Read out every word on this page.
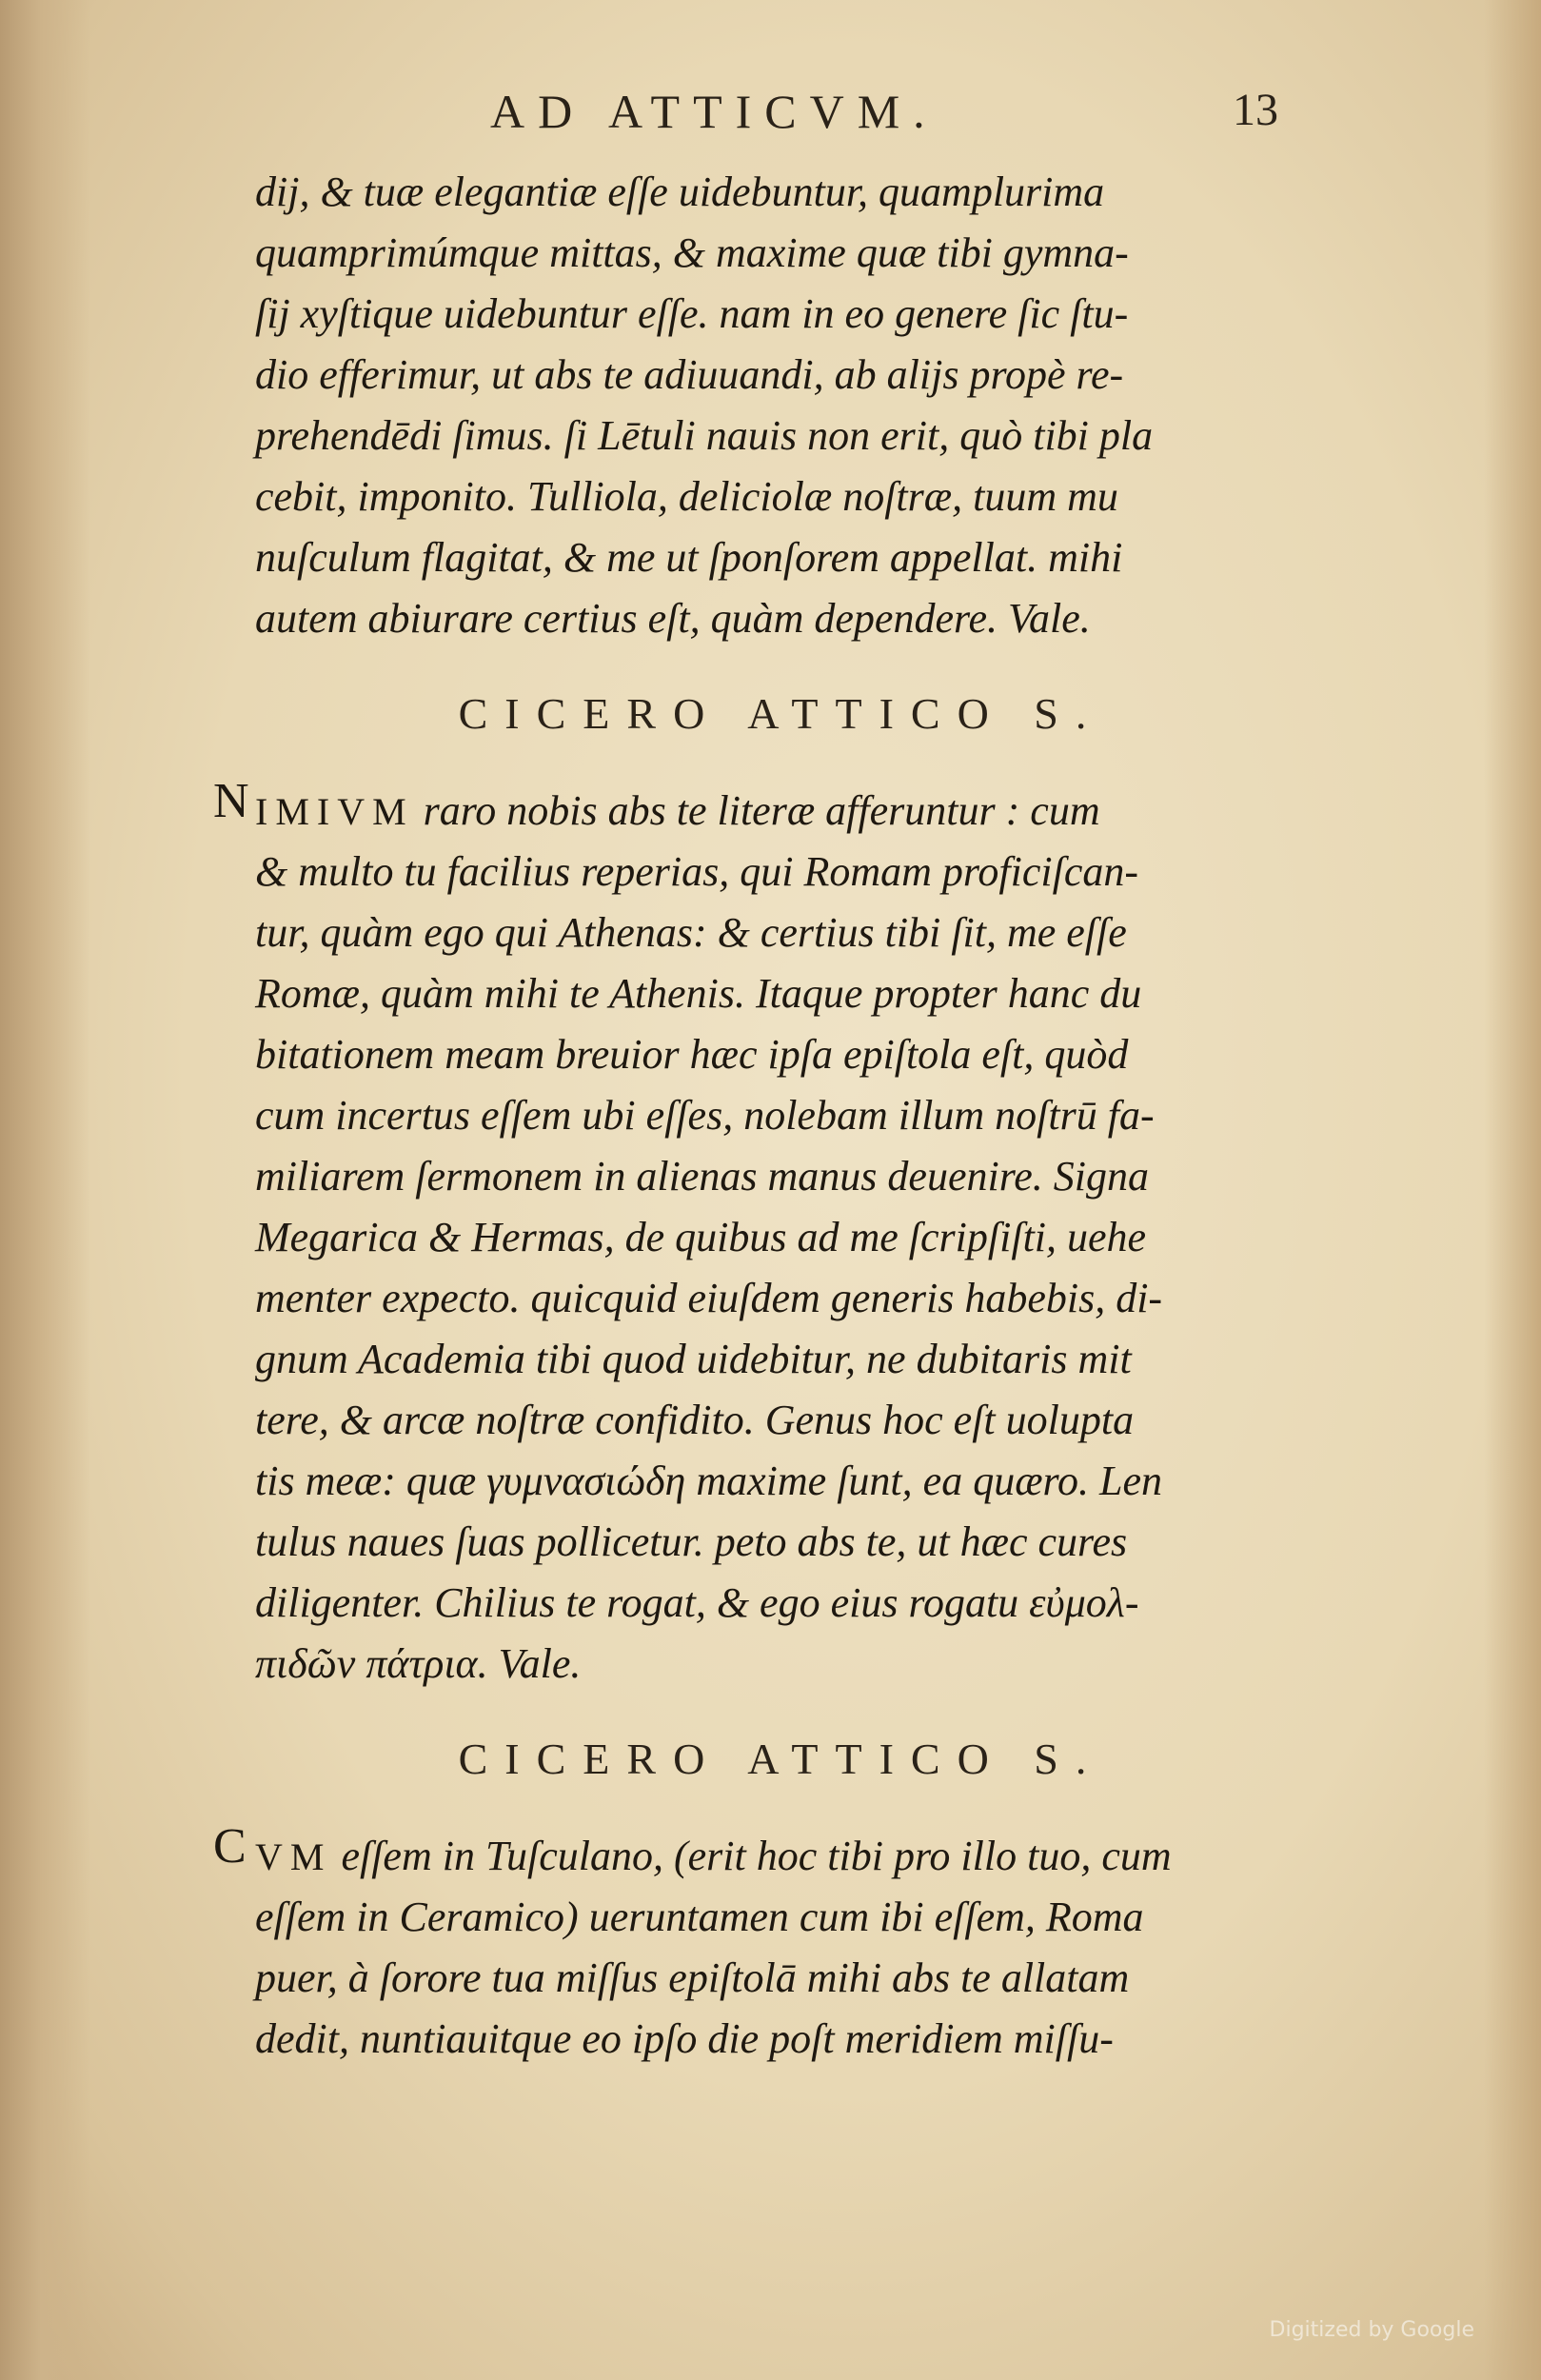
AD ATTICVM.	13
dij, & tuæ elegantiæ eſſe uidebuntur, quamplurima
quamprimúmque mittas, & maxime quæ tibi gymna-
ſij xyſtique uidebuntur eſſe. nam in eo genere ſic ſtu-
dio efferimur, ut abs te adiuuandi, ab alijs propè re-
prehendēdi ſimus. ſi Lētuli nauis non erit, quò tibi pla
cebit, imponito. Tulliola, deliciolæ noſtræ, tuum mu
nuſculum flagitat, & me ut ſponſorem appellat. mihi
autem abiurare certius eſt, quàm dependere. Vale.
CICERO ATTICO S.
N IMIVM raro nobis abs te literæ afferuntur : cum
& multo tu facilius reperias, qui Romam proficiſcan-
tur, quàm ego qui Athenas: & certius tibi ſit, me eſſe
Romæ, quàm mihi te Athenis. Itaque propter hanc du
bitationem meam breuior hæc ipſa epiſtola eſt, quòd
cum incertus eſſem ubi eſſes, nolebam illum noſtrū fa-
miliarem ſermonem in alienas manus deuenire. Signa
Megarica & Hermas, de quibus ad me ſcripſiſti, uehe
menter expecto. quicquid eiuſdem generis habebis, di-
gnum Academia tibi quod uidebitur, ne dubitaris mit
tere, & arcæ noſtræ confidito. Genus hoc eſt uolupta
tis meæ: quæ γυμνασιώδη maxime ſunt, ea quæro. Len
tulus naues ſuas pollicetur. peto abs te, ut hæc cures
diligenter. Chilius te rogat, & ego eius rogatu εὐμολ-
πιδῶν πάτρια. Vale.
CICERO ATTICO S.
C VM eſſem in Tuſculano, (erit hoc tibi pro illo tuo, cum
eſſem in Ceramico) ueruntamen cum ibi eſſem, Roma
puer, à ſorore tua miſſus epiſtolā mihi abs te allatam
dedit, nuntiauitque eo ipſo die poſt meridiem miſſu-
Digitized by Google
